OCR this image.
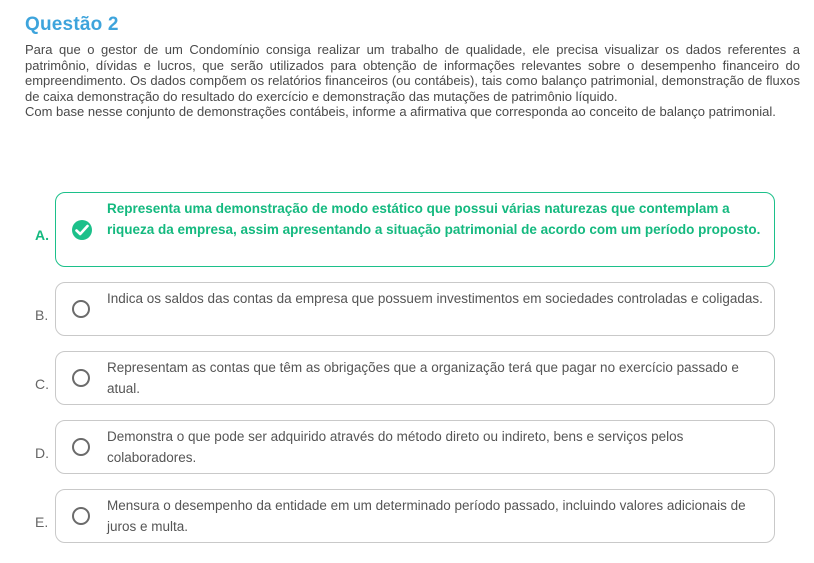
Questão 2

Para que o gestor de um Condomínio consiga realizar um trabalho de qualidade, ele precisa visualizar os dados referentes a patrimônio, dívidas e lucros, que serão utilizados para obtenção de informações relevantes sobre o desempenho financeiro do empreendimento. Os dados compõem os relatórios financeiros (ou contábeis), tais como balanço patrimonial, demonstração de fluxos de caixa demonstração do resultado do exercício e demonstração das mutações de patrimônio líquido.

Com base nesse conjunto de demonstrações contábeis, informe a afirmativa que corresponda ao conceito de balanço patrimonial.

A.
Representa uma demonstração de modo estático que possui várias naturezas que contemplam a riqueza da empresa, assim apresentando a situação patrimonial de acordo com um período proposto.
B.
Indica os saldos das contas da empresa que possuem investimentos em sociedades controladas e coligadas.
C.
Representam as contas que têm as obrigações que a organização terá que pagar no exercício passado e atual.
D.
Demonstra o que pode ser adquirido através do método direto ou indireto, bens e serviços pelos colaboradores.
E.
Mensura o desempenho da entidade em um determinado período passado, incluindo valores adicionais de juros e multa.
